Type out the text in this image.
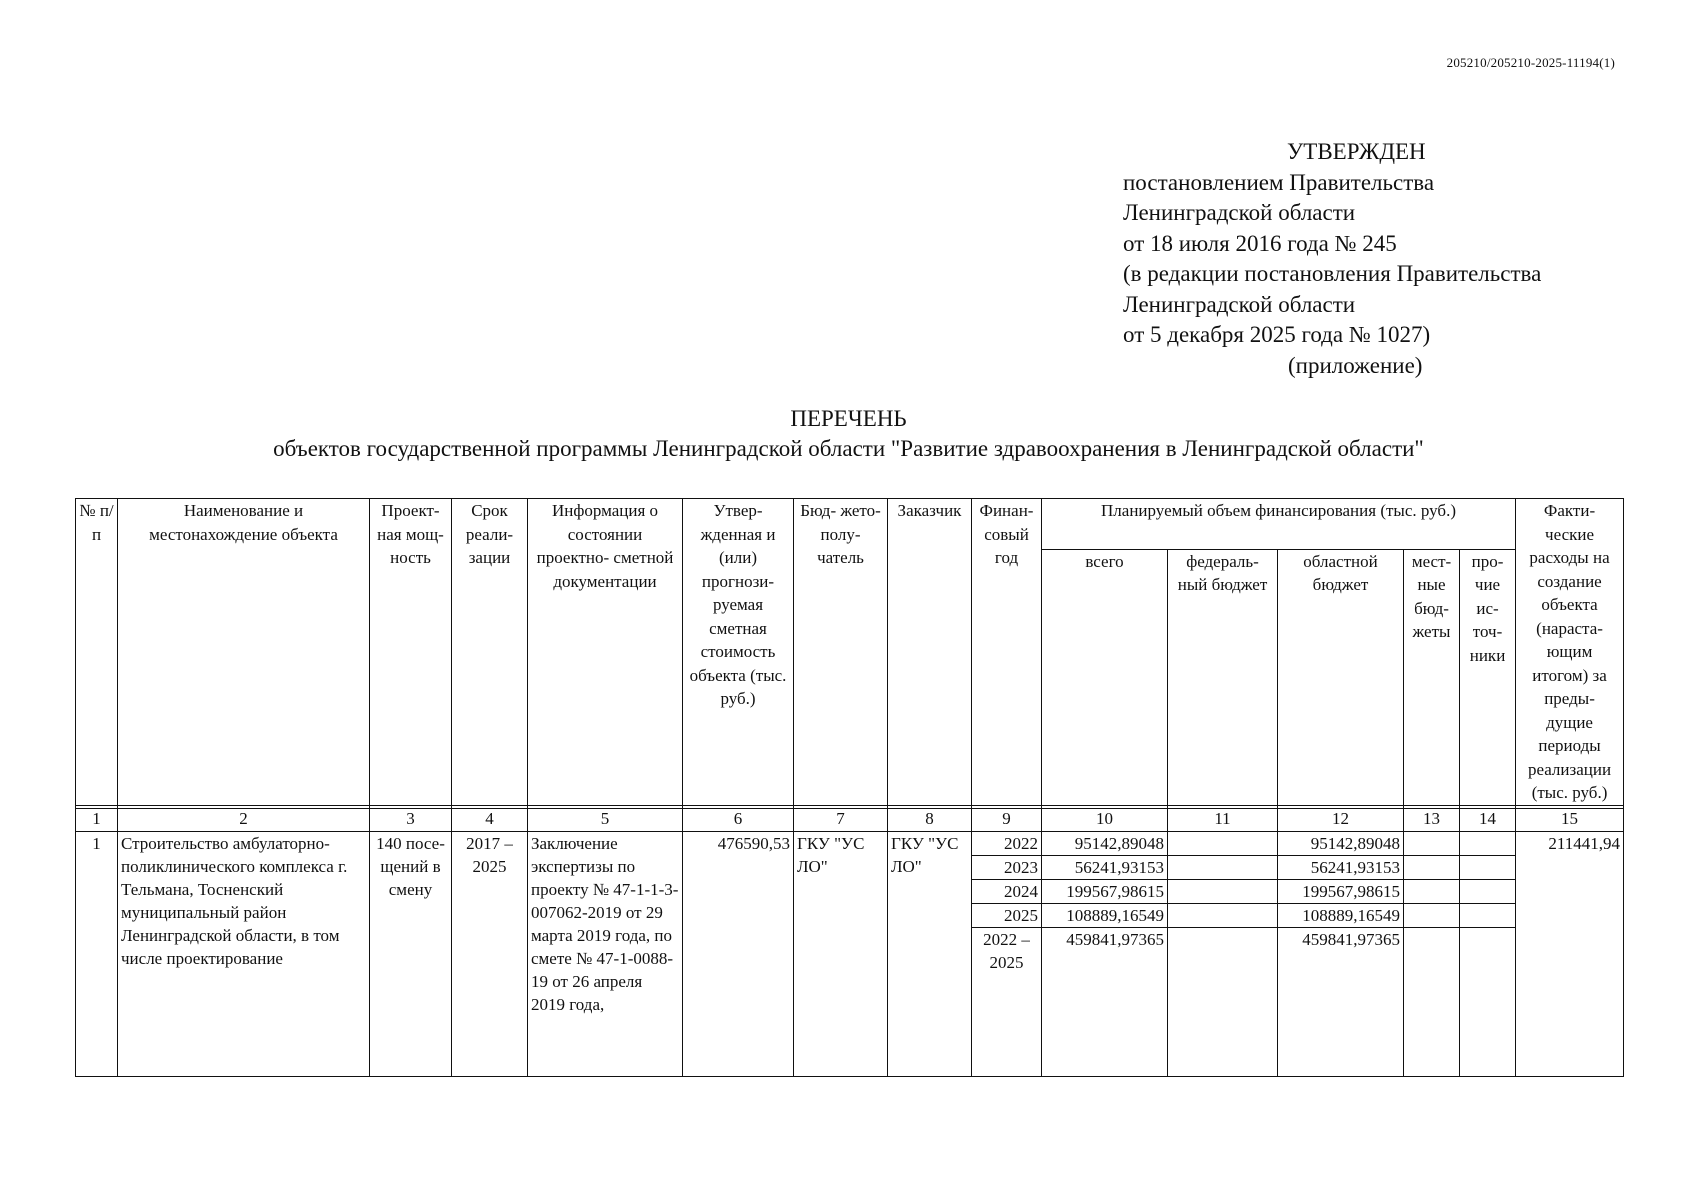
205210/205210-2025-11194(1)
УТВЕРЖДЕН
постановлением Правительства
Ленинградской области
от 18 июля 2016 года № 245
(в редакции постановления Правительства
Ленинградской области
от 5 декабря 2025 года № 1027)
(приложение)
ПЕРЕЧЕНЬ
объектов государственной программы Ленинградской области "Развитие здравоохранения в Ленинградской области"
№ п/п	Наименование и местонахождение объекта	Проект- ная мощ- ность	Срок реали- зации	Информация о состоянии проектно- сметной документации	Утвер- жденная и (или) прогнози- руемая сметная стоимость объекта (тыс. руб.)	Бюд- жето- полу- чатель	Заказчик	Финан- совый год	Планируемый объем финансирования (тыс. руб.)					Факти- ческие расходы на создание объекта (нараста- ющим итогом) за преды- дущие периоды реализации (тыс. руб.)
									всего	федераль- ный бюджет	областной бюджет	мест- ные бюд- жеты	про- чие ис- точ- ники	

1	2	3	4	5	6	7	8	9	10	11	12	13	14	15
1	Строительство амбулаторно- поликлинического комплекса г. Тельмана, Тосненский муниципальный район Ленинградской области, в том числе проектирование	140 посе- щений в смену	2017 – 2025	Заключение экспертизы по проекту № 47-1-1-3- 007062-2019 от 29 марта 2019 года, по смете № 47-1-0088-19 от 26 апреля 2019 года,	476590,53	ГКУ "УС ЛО"	ГКУ "УС ЛО"	2022	95142,89048		95142,89048			211441,94
								2023	56241,93153		56241,93153			
								2024	199567,98615		199567,98615			
								2025	108889,16549		108889,16549			
								2022 – 2025	459841,97365		459841,97365			
